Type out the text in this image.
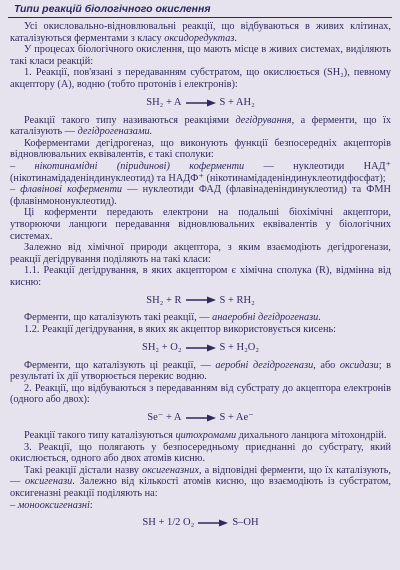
Типи реакцій біологічного окислення

Усі окисловально-відновлювальні реакції, що відбуваються в живих клітинах, каталізуються ферментами з класу оксидоредуктаз.

У процесах біологічного окислення, що мають місце в живих системах, виділяють такі класи реакцій:

1. Реакції, пов'язані з передаванням субстратом, що окислюється (SH₂), певному акцептору (А), водню (тобто протонів і електронів):

SH₂ + A → S + AH₂

Реакції такого типу називаються реакціями дегідрування, а ферменти, що їх каталізують — дегідрогеназами.

Коферментами дегідрогеназ, що виконують функції безпосередніх акцепторів відновлювальних еквівалентів, є такі сполуки:

– нікотинамідні (піридинові) коферменти — нуклеотиди НАД⁺ (нікотинамідаденіндинуклеотид) та НАДФ⁺ (нікотинамідаденіндинуклеотидфосфат);

– флавінові коферменти — нуклеотиди ФАД (флавінаденіндинуклеотид) та ФМН (флавінмононуклеотид).

Ці коферменти передають електрони на подальші біохімічні акцептори, утворюючи ланцюги передавання відновлювальних еквівалентів у біологічних системах.

Залежно від хімічної природи акцептора, з яким взаємодіють дегідрогенази, реакції дегідрування поділяють на такі класи:

1.1. Реакції дегідрування, в яких акцептором є хімічна сполука (R), відмінна від кисню:

SH₂ + R → S + RH₂

Ферменти, що каталізують такі реакції, — анаеробні дегідрогенази.

1.2. Реакції дегідрування, в яких як акцептор використовується кисень:

SH₂ + O₂ → S + H₂O₂

Ферменти, що каталізують ці реакції, — аеробні дегідрогенази, або оксидази; в результаті їх дії утворюється перекис водню.

2. Реакції, що відбуваються з передаванням від субстрату до акцептора електронів (одного або двох):

Se⁻ + A → S + Ae⁻

Реакції такого типу каталізуються цитохромами дихального ланцюга мітохондрій.

3. Реакції, що полягають у безпосередньому приєднанні до субстрату, який окислюється, одного або двох атомів кисню.

Такі реакції дістали назву оксигеназних, а відповідні ферменти, що їх каталізують, — оксигенази. Залежно від кількості атомів кисню, що взаємодіють із субстратом, оксигеназні реакції поділяють на:

– монооксигеназні:

SH + 1/2 O₂ → S–OH
